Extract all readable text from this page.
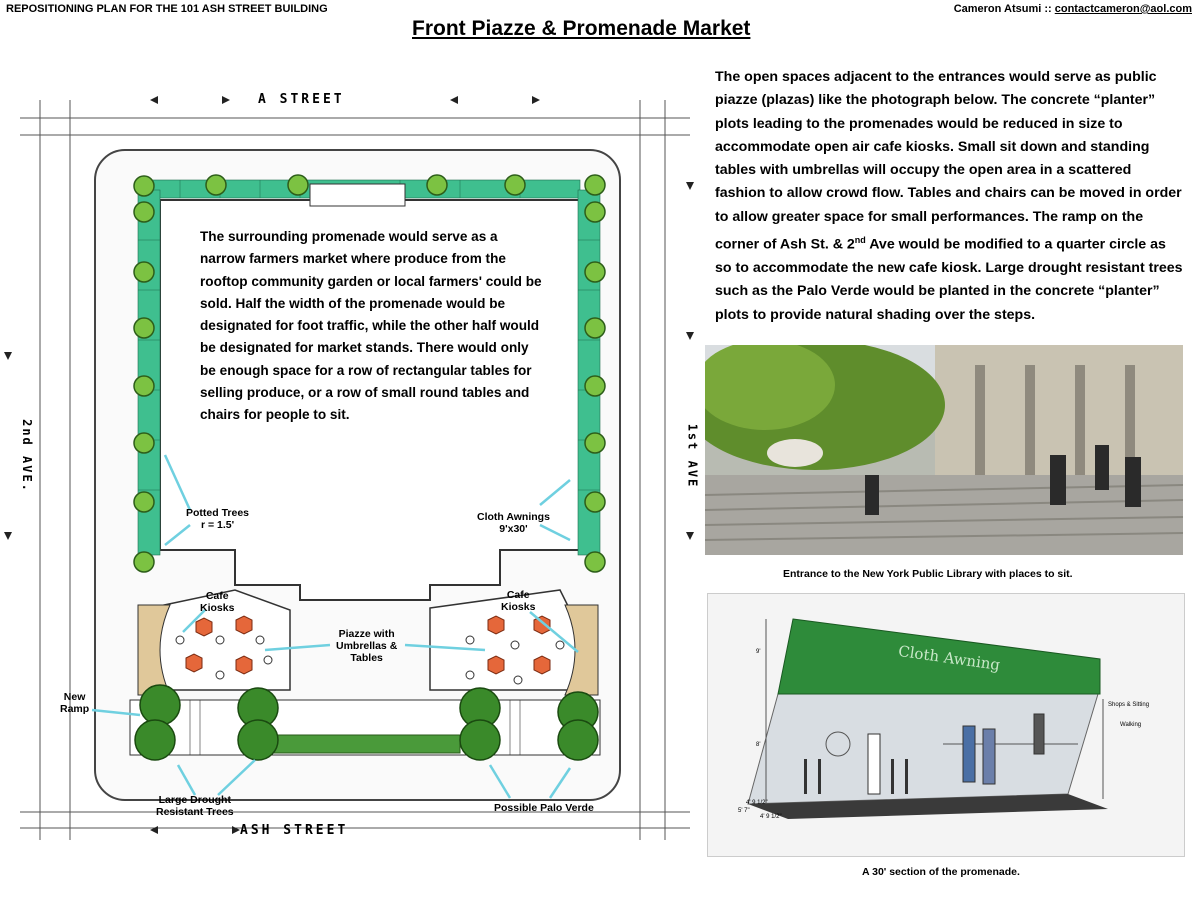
REPOSITIONING PLAN FOR THE 101 ASH STREET BUILDING	Cameron Atsumi :: contactcameron@aol.com
Front Piazze & Promenade Market
The open spaces adjacent to the entrances would serve as public piazze (plazas) like the photograph below. The concrete “planter” plots leading to the promenades would be reduced in size to accommodate open air cafe kiosks. Small sit down and standing tables with umbrellas will occupy the open area in a scattered fashion to allow crowd flow. Tables and chairs can be moved in order to allow greater space for small performances. The ramp on the corner of Ash St. & 2nd Ave would be modified to a quarter circle as so to accommodate the new cafe kiosk. Large drought resistant trees such as the Palo Verde would be planted in the concrete “planter” plots to provide natural shading over the steps.
A STREET
ASH STREET
2nd AVE.	1st AVE
The surrounding promenade would serve as a narrow farmers market where produce from the rooftop community garden or local farmers' could be sold. Half the width of the promenade would be designated for foot traffic, while the other half would be designated for market stands. There would only be enough space for a row of rectangular tables for selling produce, or a row of small round tables and chairs for people to sit.
Potted Trees
r = 1.5'
Cloth Awnings
9'x30'
Cafe
Kiosks
Cafe
Kiosks
Piazze with
Umbrellas &
Tables
New
Ramp
Large Drought
Resistant Trees	Possible Palo Verde
Entrance to the New York Public Library with places to sit.
Cloth Awning
Shops & Sitting
Walking
9'
8'
4' 9 1/2"
4' 9 1/2"
5' 7"
A 30' section of the promenade.
